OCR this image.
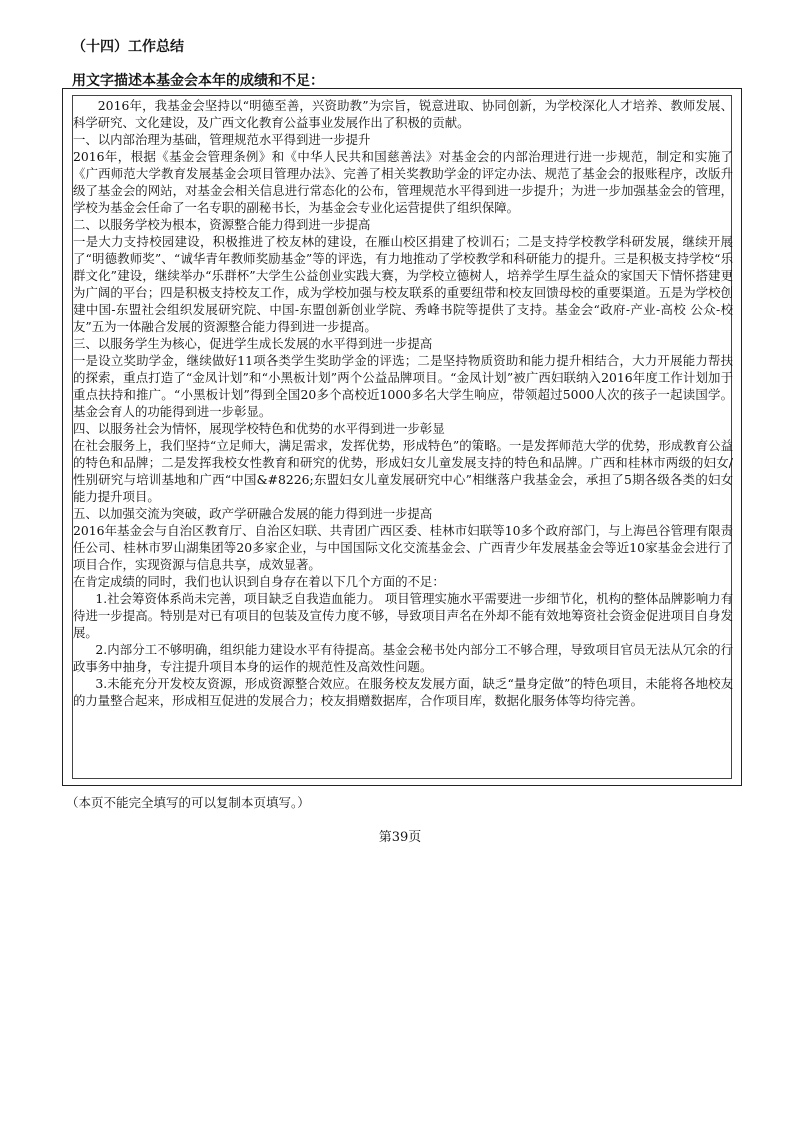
（十四）工作总结
用文字描述本基金会本年的成绩和不足：

2016年，我基金会坚持以“明德至善，兴资助教”为宗旨，锐意进取、协同创新，为学校深化人才培养、教师发展、科学研究、文化建设，及广西文化教育公益事业发展作出了积极的贡献。

一、以内部治理为基础，管理规范水平得到进一步提升

2016年，根据《基金会管理条例》和《中华人民共和国慈善法》对基金会的内部治理进行进一步规范，制定和实施了《广西师范大学教育发展基金会项目管理办法》、完善了相关奖教助学金的评定办法、规范了基金会的报账程序，改版升级了基金会的网站，对基金会相关信息进行常态化的公布，管理规范水平得到进一步提升；为进一步加强基金会的管理，学校为基金会任命了一名专职的副秘书长，为基金会专业化运营提供了组织保障。

二、以服务学校为根本，资源整合能力得到进一步提高

一是大力支持校园建设，积极推进了校友林的建设，在雁山校区捐建了校训石；二是支持学校教学科研发展，继续开展了“明德教师奖”、“诚华青年教师奖励基金”等的评选，有力地推动了学校教学和科研能力的提升。三是积极支持学校“乐群文化”建设，继续举办“乐群杯”大学生公益创业实践大赛，为学校立德树人，培养学生厚生益众的家国天下情怀搭建更为广阔的平台；四是积极支持校友工作，成为学校加强与校友联系的重要纽带和校友回馈母校的重要渠道。五是为学校创建中国-东盟社会组织发展研究院、中国-东盟创新创业学院、秀峰书院等提供了支持。基金会“政府-产业-高校 公众-校友”五为一体融合发展的资源整合能力得到进一步提高。

三、以服务学生为核心，促进学生成长发展的水平得到进一步提高

一是设立奖助学金，继续做好11项各类学生奖助学金的评选；二是坚持物质资助和能力提升相结合，大力开展能力帮扶的探索，重点打造了“金凤计划”和“小黑板计划”两个公益品牌项目。“金凤计划”被广西妇联纳入2016年度工作计划加于重点扶持和推广。“小黑板计划”得到全国20多个高校近1000多名大学生响应，带领超过5000人次的孩子一起读国学。基金会育人的功能得到进一步彰显。

四、以服务社会为情怀，展现学校特色和优势的水平得到进一步彰显

在社会服务上，我们坚持“立足师大，满足需求，发挥优势，形成特色”的策略。一是发挥师范大学的优势，形成教育公益的特色和品牌；二是发挥我校女性教育和研究的优势，形成妇女儿童发展支持的特色和品牌。广西和桂林市两级的妇女/性别研究与培训基地和广西“中国&#8226;东盟妇女儿童发展研究中心”相继落户我基金会，承担了5期各级各类的妇女能力提升项目。

五、以加强交流为突破，政产学研融合发展的能力得到进一步提高

2016年基金会与自治区教育厅、自治区妇联、共青团广西区委、桂林市妇联等10多个政府部门，与上海邑谷管理有限责任公司、桂林市罗山湖集团等20多家企业，与中国国际文化交流基金会、广西青少年发展基金会等近10家基金会进行了项目合作，实现资源与信息共享，成效显著。

在肯定成绩的同时，我们也认识到自身存在着以下几个方面的不足：

1.社会筹资体系尚未完善，项目缺乏自我造血能力。 项目管理实施水平需要进一步细节化，机构的整体品牌影响力有待进一步提高。特别是对已有项目的包装及宣传力度不够，导致项目声名在外却不能有效地筹资社会资金促进项目自身发展。

2.内部分工不够明确，组织能力建设水平有待提高。基金会秘书处内部分工不够合理，导致项目官员无法从冗余的行政事务中抽身，专注提升项目本身的运作的规范性及高效性问题。

3.未能充分开发校友资源，形成资源整合效应。在服务校友发展方面，缺乏“量身定做”的特色项目，未能将各地校友的力量整合起来，形成相互促进的发展合力；校友捐赠数据库，合作项目库，数据化服务体等均待完善。

（本页不能完全填写的可以复制本页填写。）
第39页
